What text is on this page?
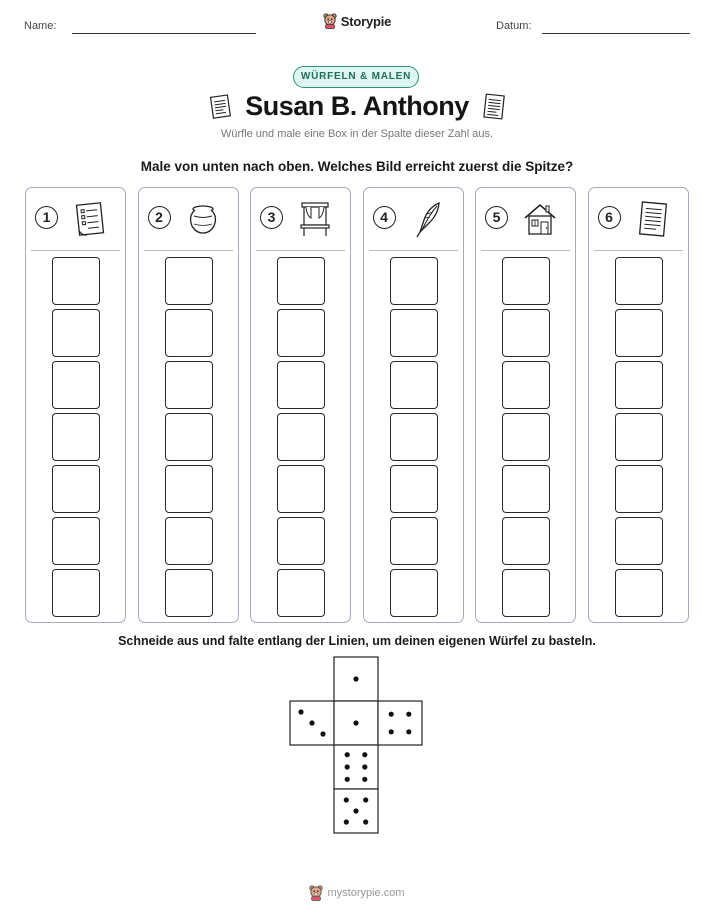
Name:	Storypie	Datum:
WÜRFELN & MALEN
Susan B. Anthony
Würfle und male eine Box in der Spalte dieser Zahl aus.
Male von unten nach oben. Welches Bild erreicht zuerst die Spitze?
1	2	3	4	5	6
Schneide aus und falte entlang der Linien, um deinen eigenen Würfel zu basteln.
mystorypie.com
